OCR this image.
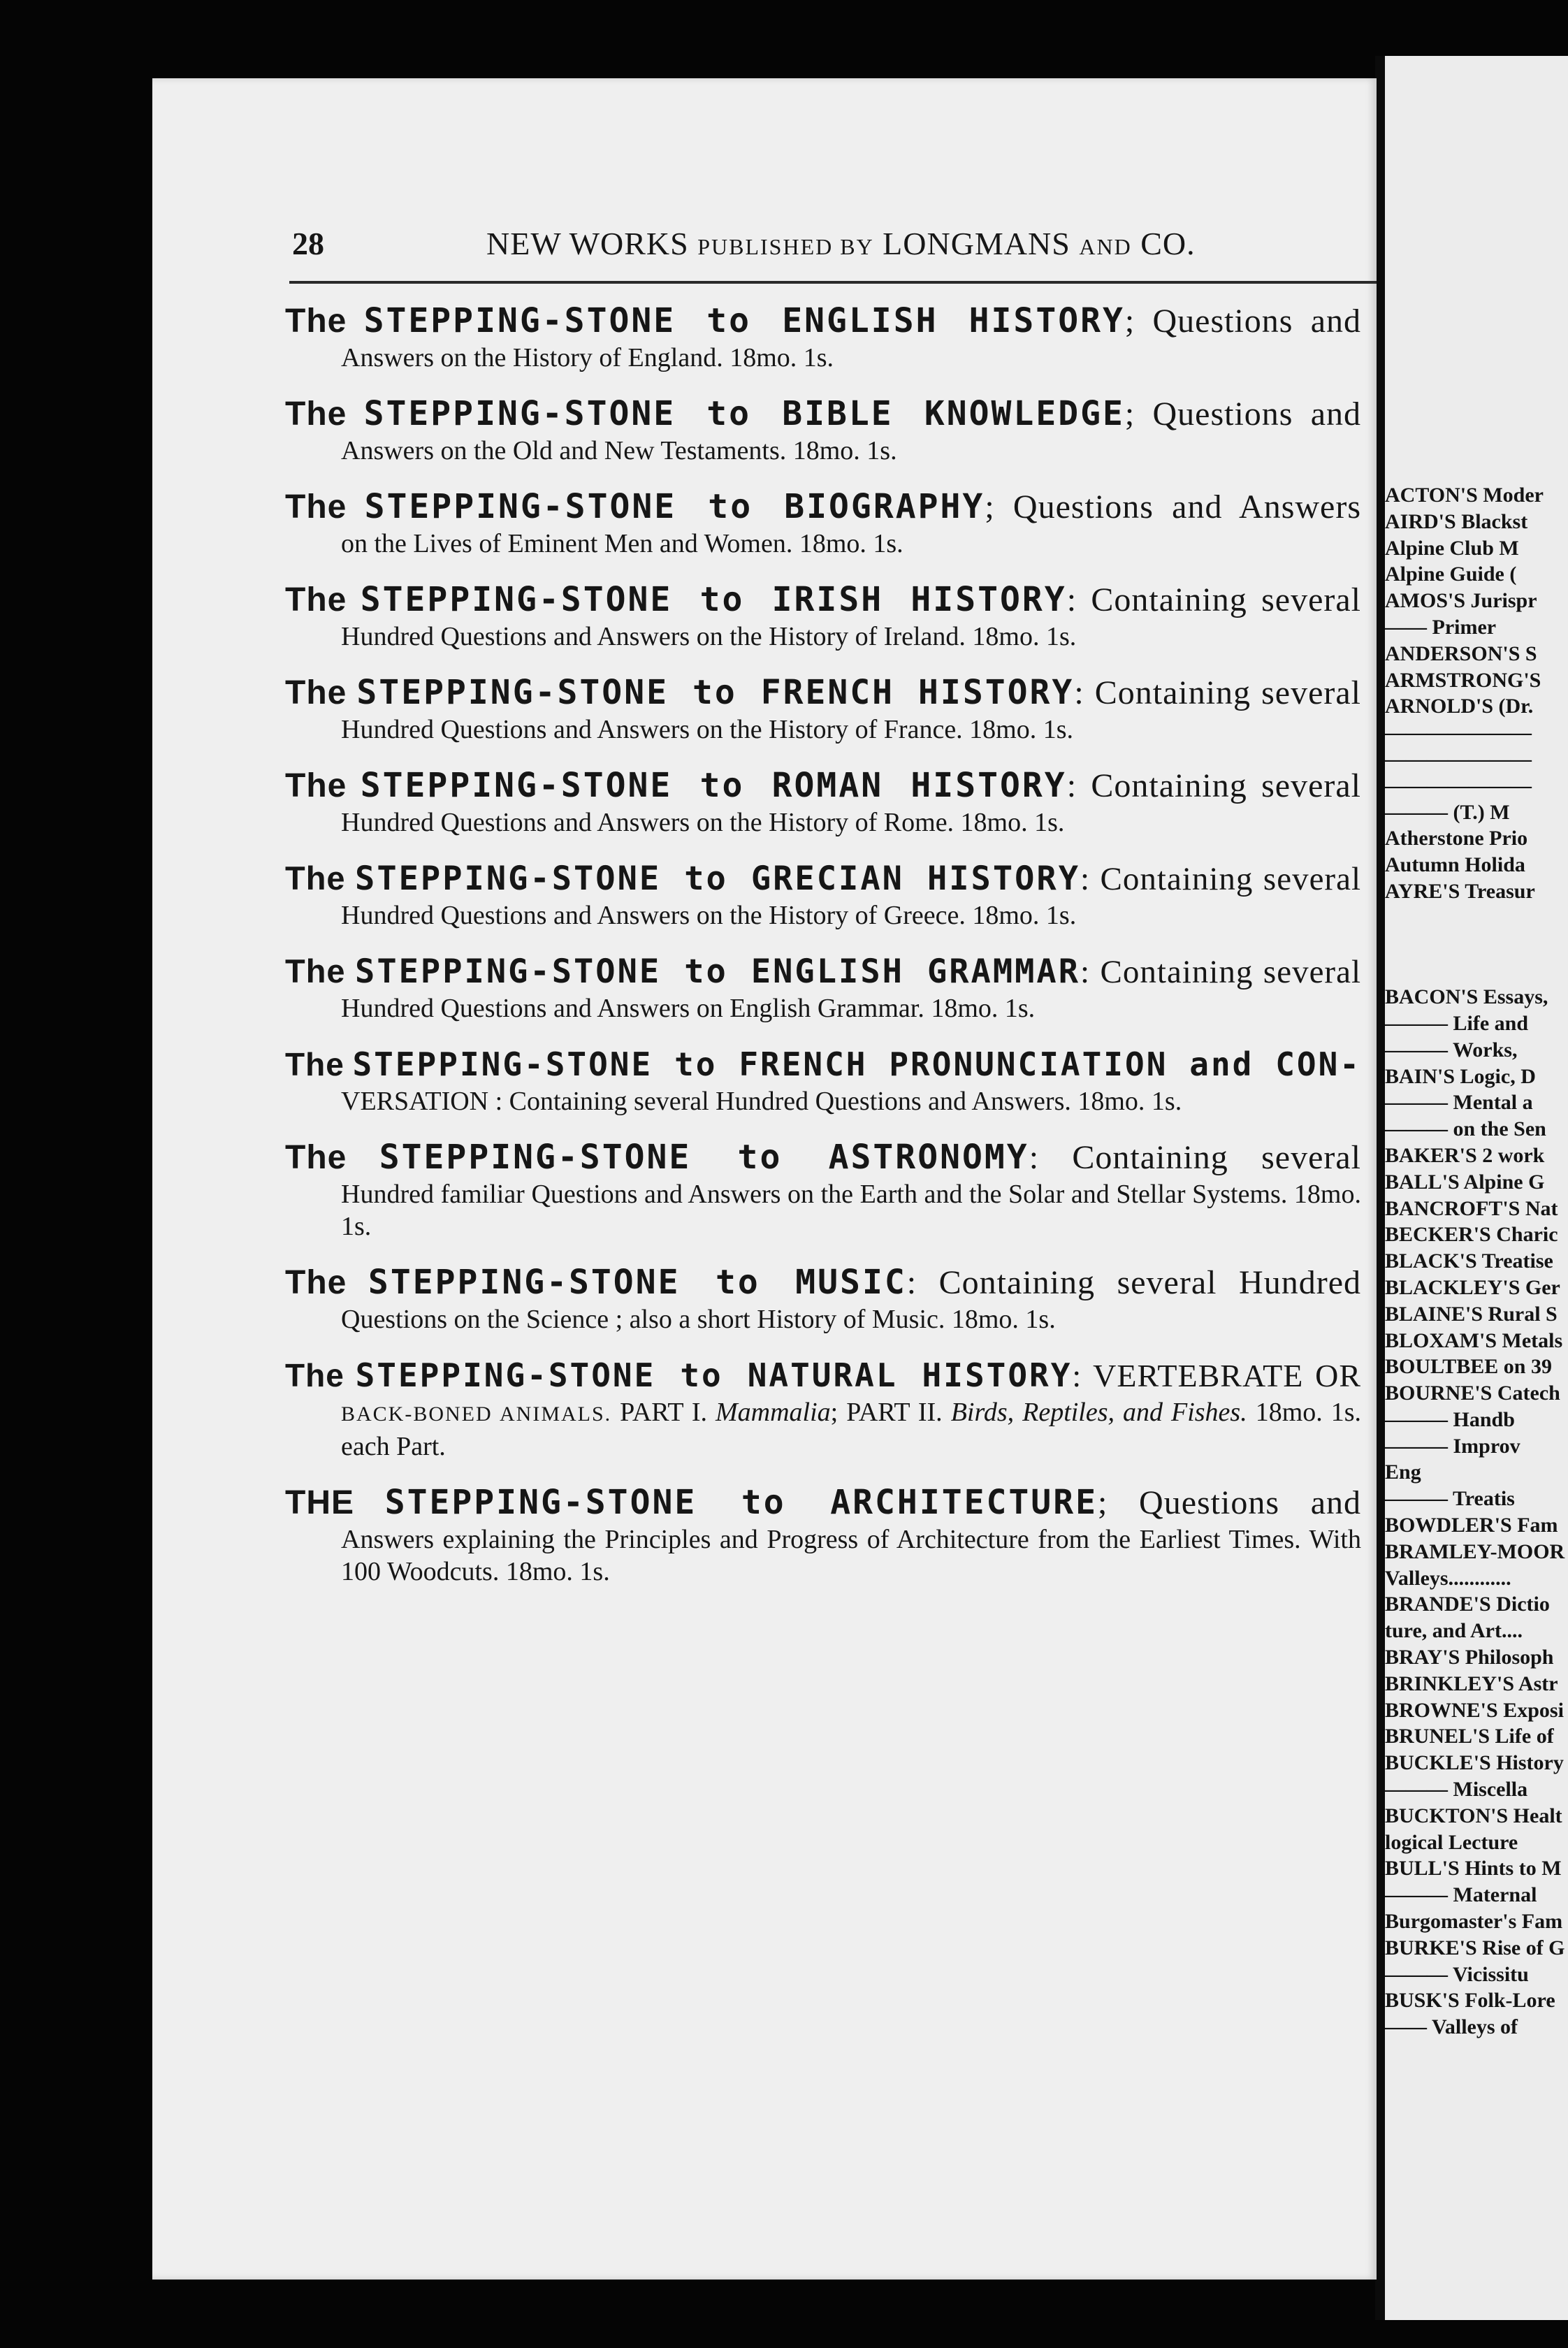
28	NEW WORKS PUBLISHED BY LONGMANS AND CO.
The STEPPING-STONE to ENGLISH HISTORY; Questions and
Answers on the History of England. 18mo. 1s.
The STEPPING-STONE to BIBLE KNOWLEDGE; Questions and
Answers on the Old and New Testaments. 18mo. 1s.
The STEPPING-STONE to BIOGRAPHY; Questions and Answers
on the Lives of Eminent Men and Women. 18mo. 1s.
The STEPPING-STONE to IRISH HISTORY: Containing several
Hundred Questions and Answers on the History of Ireland. 18mo. 1s.
The STEPPING-STONE to FRENCH HISTORY: Containing several
Hundred Questions and Answers on the History of France. 18mo. 1s.
The STEPPING-STONE to ROMAN HISTORY: Containing several
Hundred Questions and Answers on the History of Rome. 18mo. 1s.
The STEPPING-STONE to GRECIAN HISTORY: Containing several
Hundred Questions and Answers on the History of Greece. 18mo. 1s.
The STEPPING-STONE to ENGLISH GRAMMAR: Containing several
Hundred Questions and Answers on English Grammar. 18mo. 1s.
The STEPPING-STONE to FRENCH PRONUNCIATION and CON-
VERSATION : Containing several Hundred Questions and Answers. 18mo. 1s.
The STEPPING-STONE to ASTRONOMY: Containing several
Hundred familiar Questions and Answers on the Earth and the Solar and Stellar Systems. 18mo. 1s.
The STEPPING-STONE to MUSIC: Containing several Hundred
Questions on the Science ; also a short History of Music. 18mo. 1s.
The STEPPING-STONE to NATURAL HISTORY: VERTEBRATE OR
BACK-BONED ANIMALS. PART I. Mammalia; PART II. Birds, Reptiles, and Fishes. 18mo. 1s. each Part.
THE STEPPING-STONE to ARCHITECTURE; Questions and
Answers explaining the Principles and Progress of Architecture from the Earliest Times. With 100 Woodcuts. 18mo. 1s.
ACTON'S Moder
AIRD'S Blackst
Alpine Club M
Alpine Guide (
AMOS'S Jurispr
—— Primer
ANDERSON'S S
ARMSTRONG'S
ARNOLD'S (Dr.
———————
———————
———————
——— (T.) M
Atherstone Prio
Autumn Holida
AYRE'S Treasur
BACON'S Essays,
——— Life and
——— Works,
BAIN'S Logic, D
——— Mental a
——— on the Sen
BAKER'S 2 work
BALL'S Alpine G
BANCROFT'S Nat
BECKER'S Charic
BLACK'S Treatise
BLACKLEY'S Ger
BLAINE'S Rural S
BLOXAM'S Metals
BOULTBEE on 39
BOURNE'S Catech
——— Handb
——— Improv
Eng
——— Treatis
BOWDLER'S Fam
BRAMLEY-MOOR
Valleys............
BRANDE'S Dictio
ture, and Art....
BRAY'S Philosoph
BRINKLEY'S Astr
BROWNE'S Exposi
BRUNEL'S Life of
BUCKLE'S History
——— Miscella
BUCKTON'S Healt
logical Lecture
BULL'S Hints to M
——— Maternal
Burgomaster's Fam
BURKE'S Rise of G
——— Vicissitu
BUSK'S Folk-Lore
—— Valleys of
